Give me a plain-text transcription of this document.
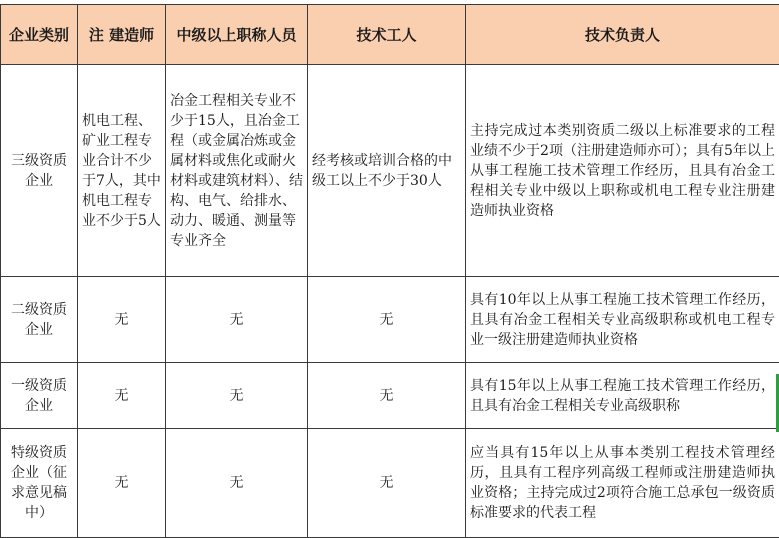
企业类别	注 建造师	中级以上职称人员	技术工人	技术负责人
三级资质企业	机电工程、矿业工程专业合计不少于7人，其中机电工程专业不少于5人	冶金工程相关专业不少于15人，且冶金工程（或金属冶炼或金属材料或焦化或耐火材料或建筑材料）、结构、电气、给排水、动力、暖通、测量等专业齐全	经考核或培训合格的中级工以上不少于30人	主持完成过本类别资质二级以上标准要求的工程业绩不少于2项（注册建造师亦可）；具有5年以上从事工程施工技术管理工作经历，且具有冶金工程相关专业中级以上职称或机电工程专业注册建造师执业资格
二级资质企业	无	无	无	具有10年以上从事工程施工技术管理工作经历，且具有冶金工程相关专业高级职称或机电工程专业一级注册建造师执业资格
一级资质企业	无	无	无	具有15年以上从事工程施工技术管理工作经历，且具有冶金工程相关专业高级职称
特级资质企业（征求意见稿中）	无	无	无	应当具有15年以上从事本类别工程技术管理经历，且具有工程序列高级工程师或注册建造师执业资格；主持完成过2项符合施工总承包一级资质标准要求的代表工程
